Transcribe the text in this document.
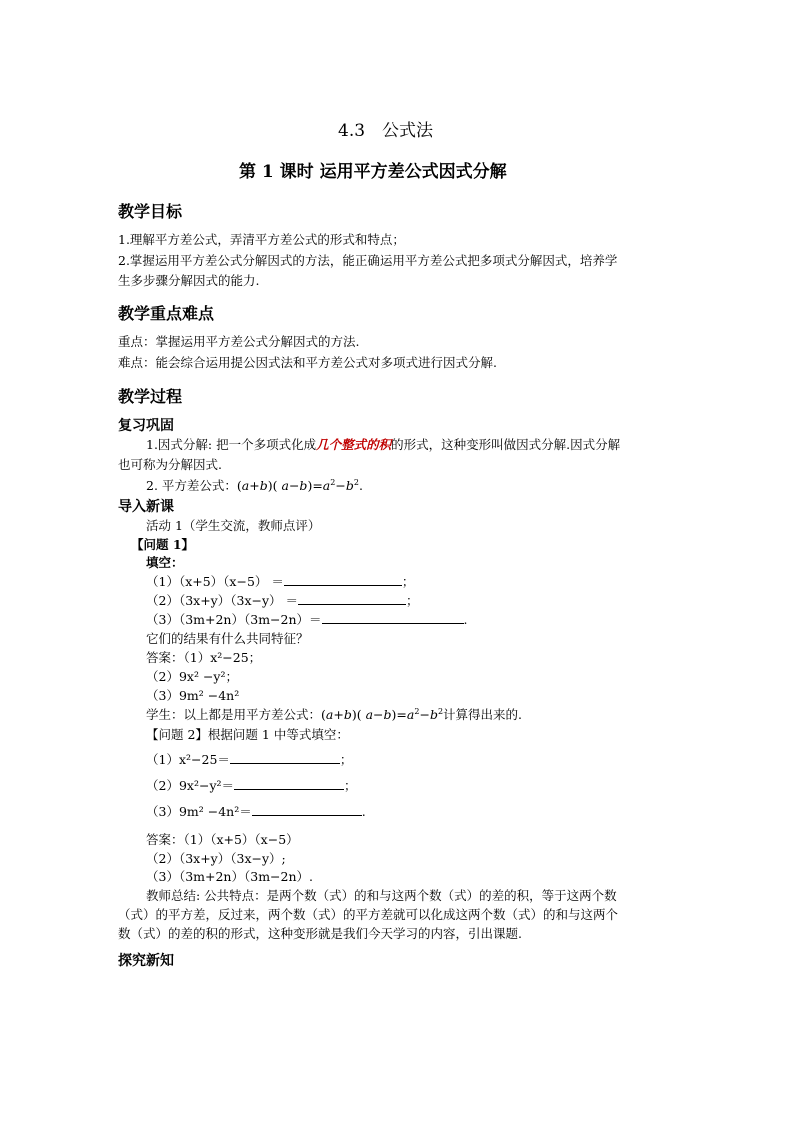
4.3　公式法
第 1 课时 运用平方差公式因式分解
教学目标
1.理解平方差公式，弄清平方差公式的形式和特点；
2.掌握运用平方差公式分解因式的方法，能正确运用平方差公式把多项式分解因式，培养学
生多步骤分解因式的能力.
教学重点难点
重点：掌握运用平方差公式分解因式的方法.
难点：能会综合运用提公因式法和平方差公式对多项式进行因式分解.
教学过程
复习巩固
1.因式分解: 把一个多项式化成几个整式的积的形式，这种变形叫做因式分解.因式分解
也可称为分解因式.
2. 平方差公式：(a+b)( $a-b)=a^2-b^2$.
导入新课
活动 1（学生交流，教师点评）
【问题 1】
填空：
（1）（x+5）（x−5） ＝	；
（2）（3x+y）（3x−y） ＝	；
（3）（3m+2n）（3m−2n）＝	.
它们的结果有什么共同特征？
答案：（1）x²−25；
（2）9x² −y²；
（3）9m² −4n²
学生：以上都是用平方差公式：(a+b)( $a-b)=a^2-b^2$计算得出来的.
【问题 2】根据问题 1 中等式填空：
（1）x²−25＝	；
（2）9x²−y²＝	；
（3）9m² −4n²＝	.
答案：（1）（x+5）（x−5）
（2）（3x+y）（3x−y）;
（3）（3m+2n）（3m−2n）.
教师总结: 公共特点：是两个数（式）的和与这两个数（式）的差的积，等于这两个数
（式）的平方差，反过来，两个数（式）的平方差就可以化成这两个数（式）的和与这两个
数（式）的差的积的形式，这种变形就是我们今天学习的内容，引出课题.
探究新知
